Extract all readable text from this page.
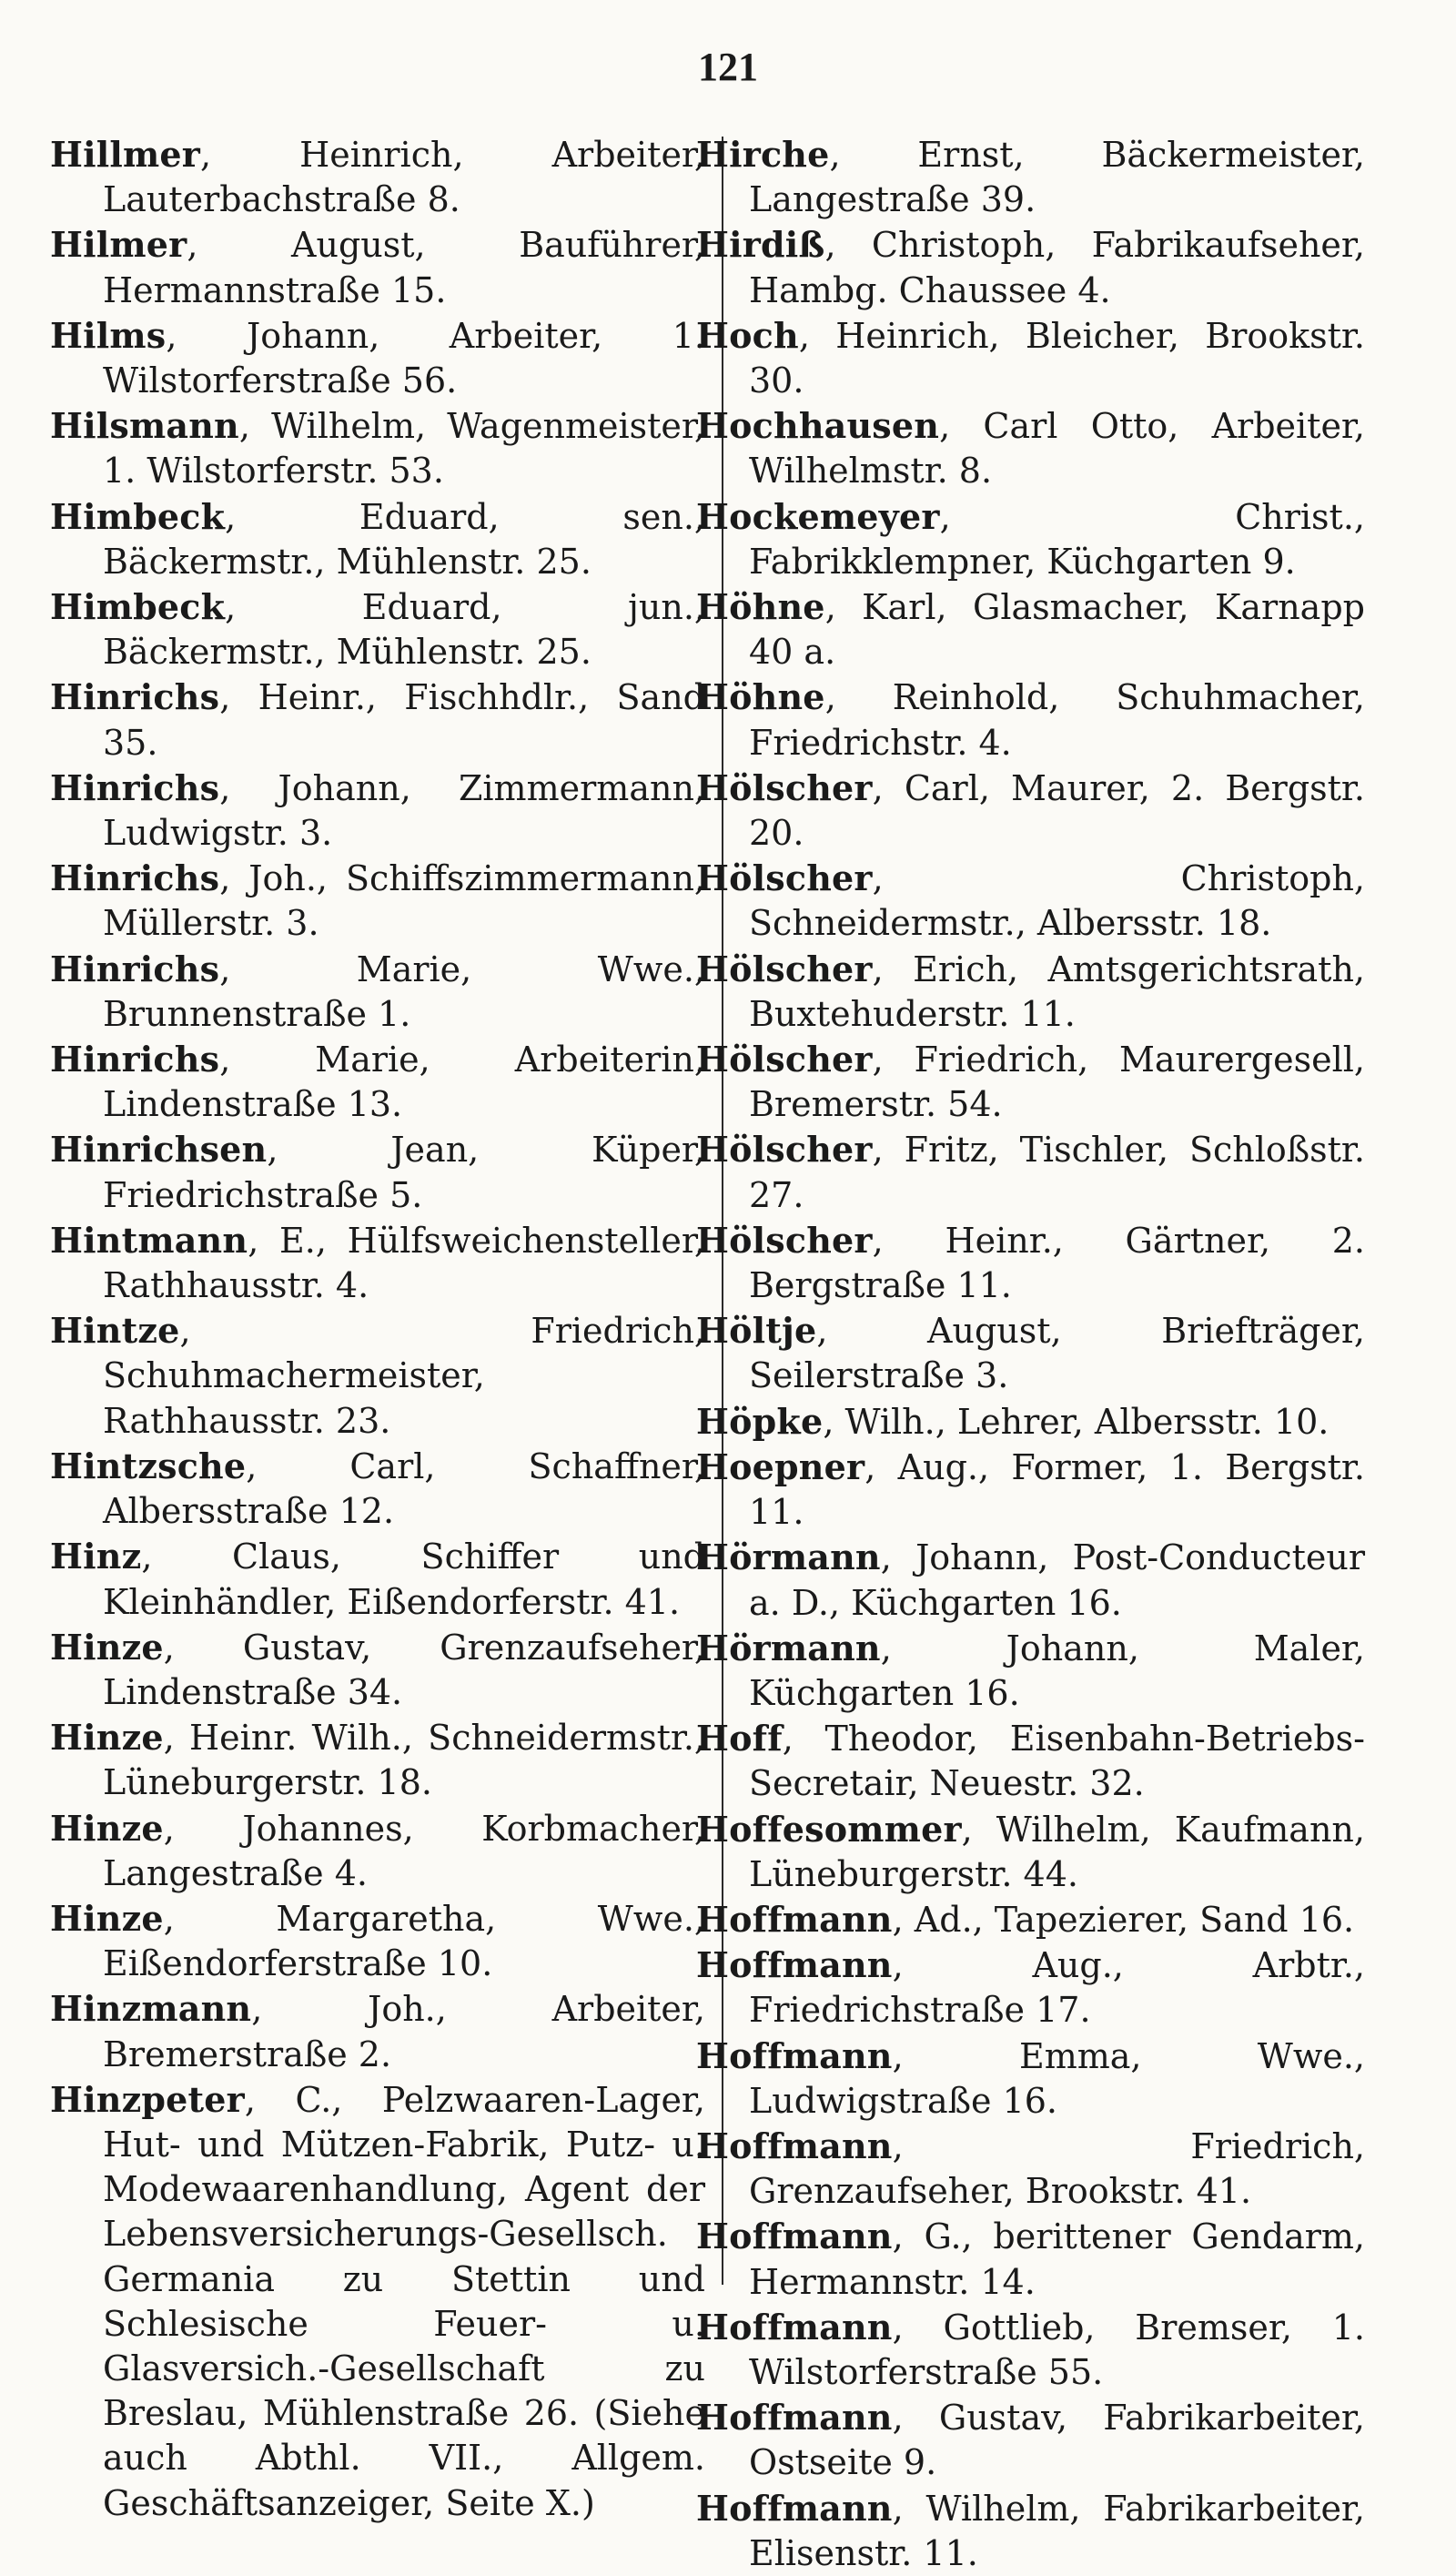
121
Hillmer, Heinrich, Arbeiter, Lauterbachstraße 8.
Hilmer, August, Bauführer, Hermannstraße 15.
Hilms, Johann, Arbeiter, 1. Wilstorferstraße 56.
Hilsmann, Wilhelm, Wagenmeister, 1. Wilstorferstr. 53.
Himbeck, Eduard, sen., Bäckermstr., Mühlenstr. 25.
Himbeck, Eduard, jun., Bäckermstr., Mühlenstr. 25.
Hinrichs, Heinr., Fischhdlr., Sand 35.
Hinrichs, Johann, Zimmermann, Ludwigstr. 3.
Hinrichs, Joh., Schiffszimmermann, Müllerstr. 3.
Hinrichs, Marie, Wwe., Brunnenstraße 1.
Hinrichs, Marie, Arbeiterin, Lindenstraße 13.
Hinrichsen, Jean, Küper, Friedrichstraße 5.
Hintmann, E., Hülfsweichensteller, Rathhausstr. 4.
Hintze, Friedrich, Schuhmachermeister, Rathhausstr. 23.
Hintzsche, Carl, Schaffner, Albersstraße 12.
Hinz, Claus, Schiffer und Kleinhändler, Eißendorferstr. 41.
Hinze, Gustav, Grenzaufseher, Lindenstraße 34.
Hinze, Heinr. Wilh., Schneidermstr., Lüneburgerstr. 18.
Hinze, Johannes, Korbmacher, Langestraße 4.
Hinze, Margaretha, Wwe., Eißendorferstraße 10.
Hinzmann, Joh., Arbeiter, Bremerstraße 2.
Hinzpeter, C., Pelzwaaren-Lager, Hut- und Mützen-Fabrik, Putz- u. Modewaarenhandlung, Agent der Lebensversicherungs-Gesellsch. Germania zu Stettin und Schlesische Feuer- u. Glasversich.-Gesellschaft zu Breslau, Mühlenstraße 26. (Siehe auch Abthl. VII., Allgem. Geschäftsanzeiger, Seite X.)
Hirche, Ernst, Bäckermeister, Langestraße 39.
Hirdiß, Christoph, Fabrikaufseher, Hambg. Chaussee 4.
Hoch, Heinrich, Bleicher, Brookstr. 30.
Hochhausen, Carl Otto, Arbeiter, Wilhelmstr. 8.
Hockemeyer, Christ., Fabrikklempner, Küchgarten 9.
Höhne, Karl, Glasmacher, Karnapp 40 a.
Höhne, Reinhold, Schuhmacher, Friedrichstr. 4.
Hölscher, Carl, Maurer, 2. Bergstr. 20.
Hölscher, Christoph, Schneidermstr., Albersstr. 18.
Hölscher, Erich, Amtsgerichtsrath, Buxtehuderstr. 11.
Hölscher, Friedrich, Maurergesell, Bremerstr. 54.
Hölscher, Fritz, Tischler, Schloßstr. 27.
Hölscher, Heinr., Gärtner, 2. Bergstraße 11.
Höltje, August, Briefträger, Seilerstraße 3.
Höpke, Wilh., Lehrer, Albersstr. 10.
Hoepner, Aug., Former, 1. Bergstr. 11.
Hörmann, Johann, Post-Conducteur a. D., Küchgarten 16.
Hörmann, Johann, Maler, Küchgarten 16.
Hoff, Theodor, Eisenbahn-Betriebs-Secretair, Neuestr. 32.
Hoffesommer, Wilhelm, Kaufmann, Lüneburgerstr. 44.
Hoffmann, Ad., Tapezierer, Sand 16.
Hoffmann, Aug., Arbtr., Friedrichstraße 17.
Hoffmann, Emma, Wwe., Ludwigstraße 16.
Hoffmann, Friedrich, Grenzaufseher, Brookstr. 41.
Hoffmann, G., berittener Gendarm, Hermannstr. 14.
Hoffmann, Gottlieb, Bremser, 1. Wilstorferstraße 55.
Hoffmann, Gustav, Fabrikarbeiter, Ostseite 9.
Hoffmann, Wilhelm, Fabrikarbeiter, Elisenstr. 11.
